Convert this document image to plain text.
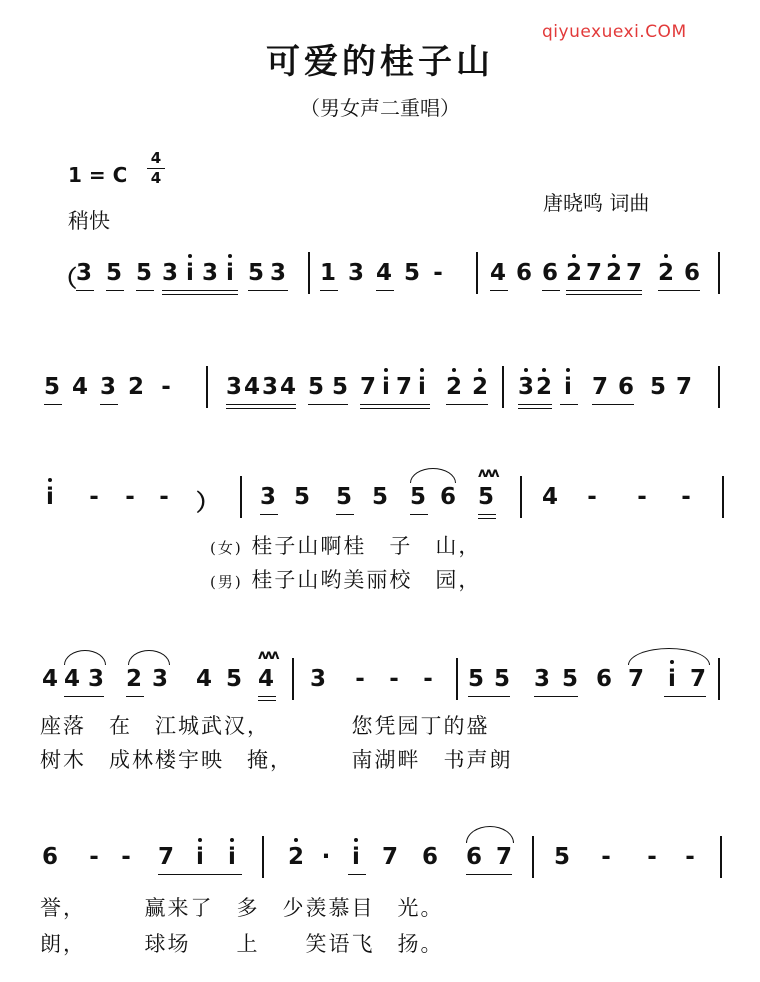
qiyuexuexi.COM
可爱的桂子山
（男女声二重唱）
1 = C
4
4
稍快
唐晓鸣 词曲
（
3 5 5 3 i 3 i 5 3 1 3 4 5 - 4 6 6 2 7 2 7 2 6
5 4 3 2 - 3 4 3 4 5 5 7 i 7 i 2 2 3 2 i 7 6 5 7
i - - - ） 3 5 5 5 5 6 5 4 - - -
ʌʌʌ
(女) 桂子山啊桂　子　山，
(男) 桂子山哟美丽校　园，
4 4 3 2 3 4 5 4 3 - - - 5 5 3 5 6 7 i 7
ʌʌʌ
座落　在　江城武汉，　　　　您凭园丁的盛
树木　成林楼宇映　掩，　　　南湖畔　书声朗
6 - - 7 i i 2 · i 7 6 6 7 5 - - -
誉，　　　赢来了　多　少羡慕目　光。
朗，　　　球场　　上　　笑语飞　扬。
